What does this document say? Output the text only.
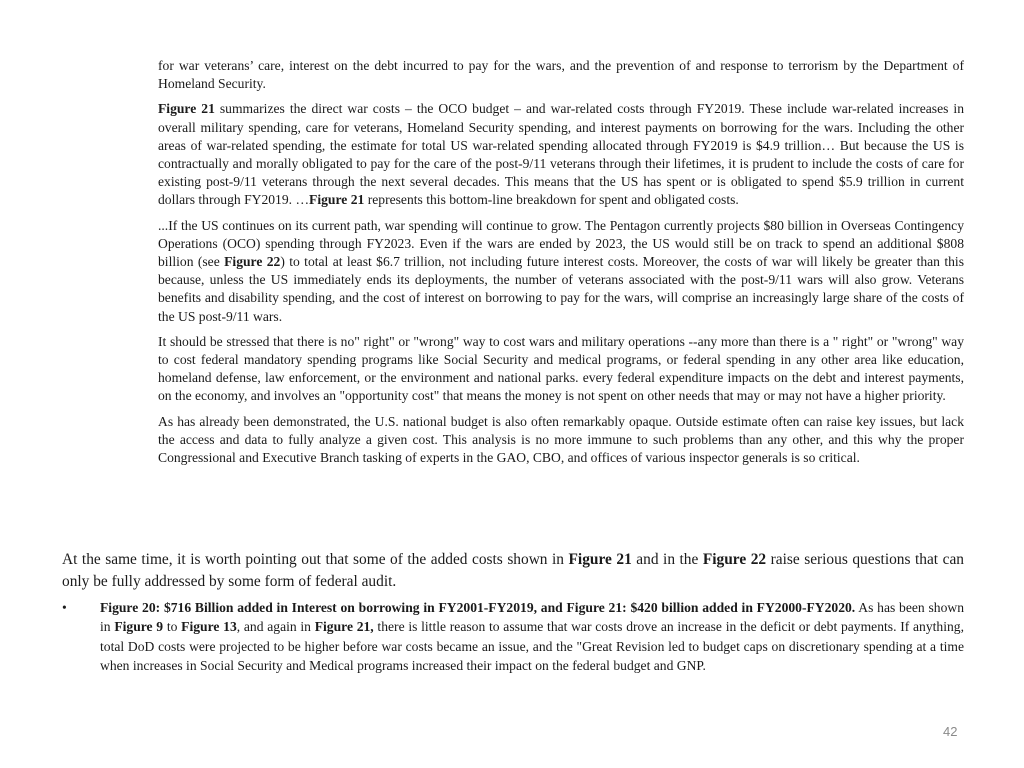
for war veterans’ care, interest on the debt incurred to pay for the wars, and the prevention of and response to terrorism by the Department of Homeland Security.

Figure 21 summarizes the direct war costs – the OCO budget – and war-related costs through FY2019. These include war-related increases in overall military spending, care for veterans, Homeland Security spending, and interest payments on borrowing for the wars. Including the other areas of war-related spending, the estimate for total US war-related spending allocated through FY2019 is $4.9 trillion… But because the US is contractually and morally obligated to pay for the care of the post-9/11 veterans through their lifetimes, it is prudent to include the costs of care for existing post-9/11 veterans through the next several decades. This means that the US has spent or is obligated to spend $5.9 trillion in current dollars through FY2019. …Figure 21 represents this bottom-line breakdown for spent and obligated costs.

...If the US continues on its current path, war spending will continue to grow. The Pentagon currently projects $80 billion in Overseas Contingency Operations (OCO) spending through FY2023. Even if the wars are ended by 2023, the US would still be on track to spend an additional $808 billion (see Figure 22) to total at least $6.7 trillion, not including future interest costs. Moreover, the costs of war will likely be greater than this because, unless the US immediately ends its deployments, the number of veterans associated with the post-9/11 wars will also grow. Veterans benefits and disability spending, and the cost of interest on borrowing to pay for the wars, will comprise an increasingly large share of the costs of the US post-9/11 wars.

It should be stressed that there is no" right" or "wrong" way to cost wars and military operations --any more than there is a " right" or "wrong" way to cost federal mandatory spending programs like Social Security and medical programs, or federal spending in any other area like education, homeland defense, law enforcement, or the environment and national parks. every federal expenditure impacts on the debt and interest payments, on the economy, and involves an "opportunity cost" that means the money is not spent on other needs that may or may not have a higher priority.

As has already been demonstrated, the U.S. national budget is also often remarkably opaque. Outside estimate often can raise key issues, but lack the access and data to fully analyze a given cost. This analysis is no more immune to such problems than any other, and this why the proper Congressional and Executive Branch tasking of experts in the GAO, CBO, and offices of various inspector generals is so critical.

At the same time, it is worth pointing out that some of the added costs shown in Figure 21 and in the Figure 22 raise serious questions that can only be fully addressed by some form of federal audit.

• Figure 20: $716 Billion added in Interest on borrowing in FY2001-FY2019, and Figure 21: $420 billion added in FY2000-FY2020. As has been shown in Figure 9 to Figure 13, and again in Figure 21, there is little reason to assume that war costs drove an increase in the deficit or debt payments. If anything, total DoD costs were projected to be higher before war costs became an issue, and the "Great Revision led to budget caps on discretionary spending at a time when increases in Social Security and Medical programs increased their impact on the federal budget and GNP.
42
